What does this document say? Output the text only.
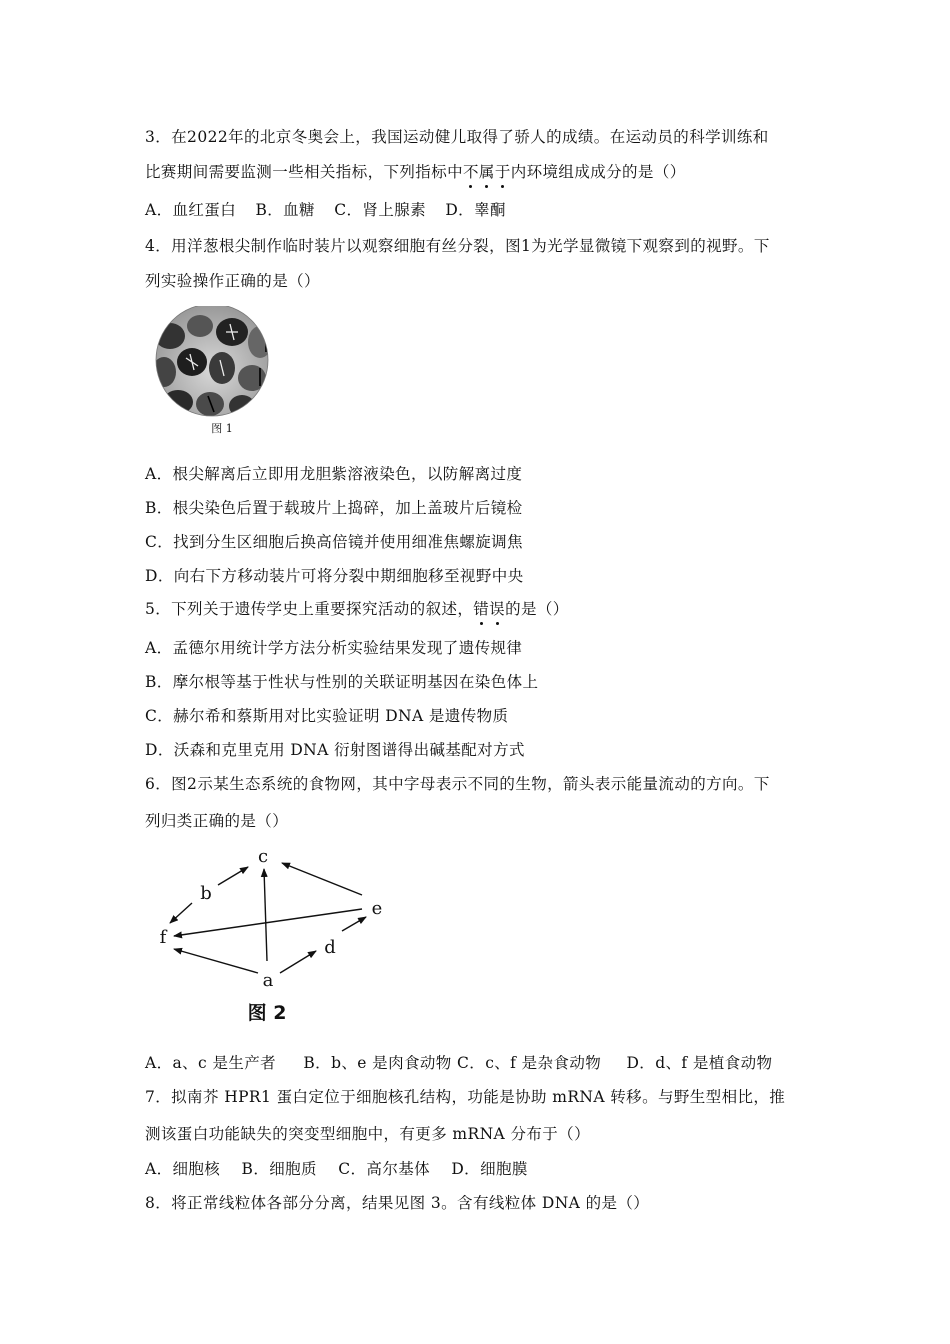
3．在2022年的北京冬奥会上，我国运动健儿取得了骄人的成绩。在运动员的科学训练和
比赛期间需要监测一些相关指标，下列指标中不属于内环境组成成分的是（）
A．血红蛋白 B．血糖 C．肾上腺素 D．睾酮
4．用洋葱根尖制作临时装片以观察细胞有丝分裂，图1为光学显微镜下观察到的视野。下
列实验操作正确的是（）
图 1
A．根尖解离后立即用龙胆紫溶液染色，以防解离过度
B．根尖染色后置于载玻片上捣碎，加上盖玻片后镜检
C．找到分生区细胞后换高倍镜并使用细准焦螺旋调焦
D．向右下方移动装片可将分裂中期细胞移至视野中央
5．下列关于遗传学史上重要探究活动的叙述，错误的是（）
A．孟德尔用统计学方法分析实验结果发现了遗传规律
B．摩尔根等基于性状与性别的关联证明基因在染色体上
C．赫尔希和蔡斯用对比实验证明 DNA 是遗传物质
D．沃森和克里克用 DNA 衍射图谱得出碱基配对方式
6．图2示某生态系统的食物网，其中字母表示不同的生物，箭头表示能量流动的方向。下
列归类正确的是（）
c
b
e
f	d
a
图 2
A．a、c 是生产者 B．b、e 是肉食动物 C．c、f 是杂食动物 D．d、f 是植食动物
7．拟南芥 HPR1 蛋白定位于细胞核孔结构，功能是协助 mRNA 转移。与野生型相比，推
测该蛋白功能缺失的突变型细胞中，有更多 mRNA 分布于（）
A．细胞核 B．细胞质 C．高尔基体 D．细胞膜
8．将正常线粒体各部分分离，结果见图 3。含有线粒体 DNA 的是（）
